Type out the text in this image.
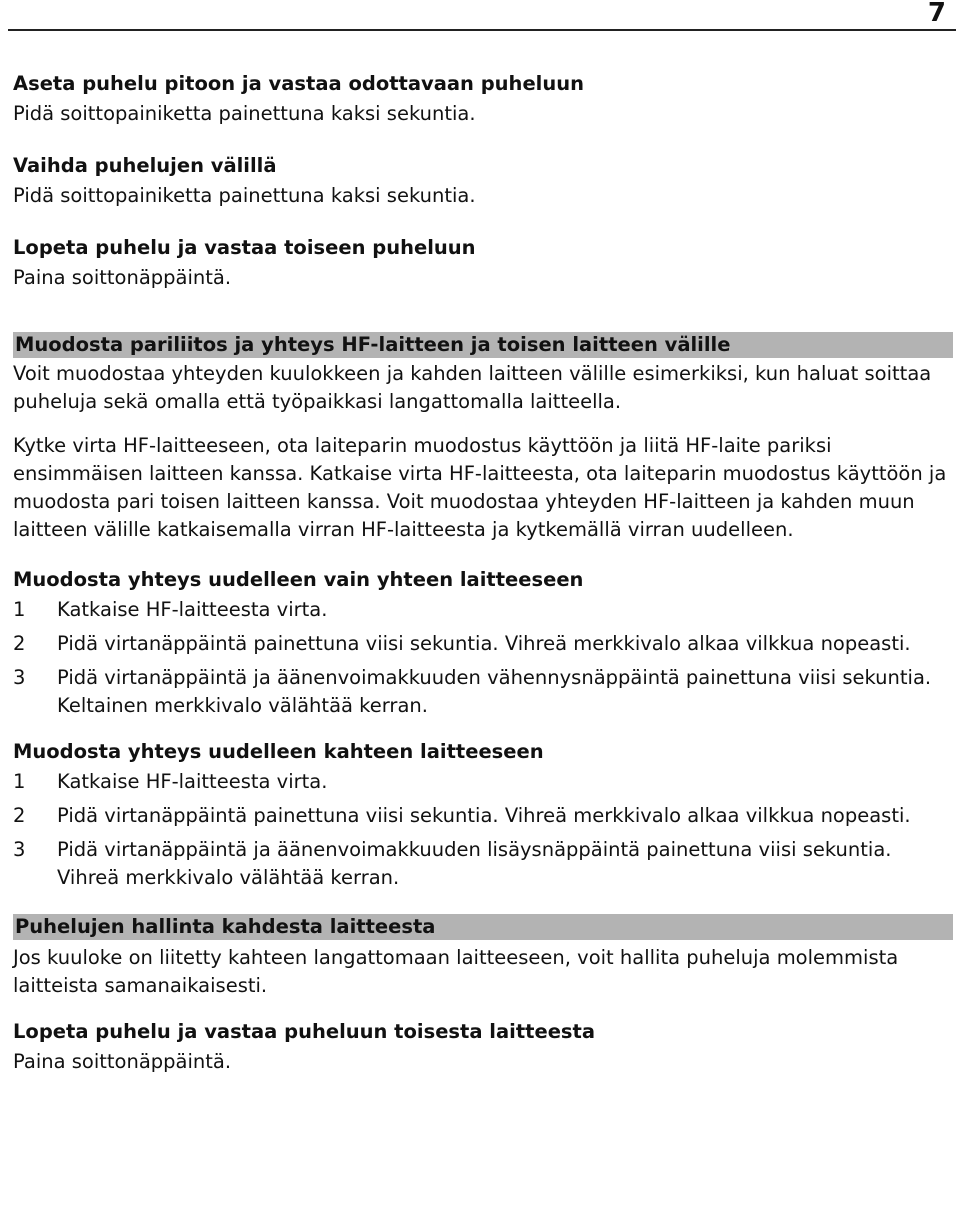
7

Aseta puhelu pitoon ja vastaa odottavaan puheluun

Pidä soittopainiketta painettuna kaksi sekuntia.

Vaihda puhelujen välillä

Pidä soittopainiketta painettuna kaksi sekuntia.

Lopeta puhelu ja vastaa toiseen puheluun

Paina soittonäppäintä.

Muodosta pariliitos ja yhteys HF-laitteen ja toisen laitteen välille

Voit muodostaa yhteyden kuulokkeen ja kahden laitteen välille esimerkiksi, kun haluat soittaa puheluja sekä omalla että työpaikkasi langattomalla laitteella.

Kytke virta HF-laitteeseen, ota laiteparin muodostus käyttöön ja liitä HF-laite pariksi ensimmäisen laitteen kanssa. Katkaise virta HF-laitteesta, ota laiteparin muodostus käyttöön ja muodosta pari toisen laitteen kanssa. Voit muodostaa yhteyden HF-laitteen ja kahden muun laitteen välille katkaisemalla virran HF-laitteesta ja kytkemällä virran uudelleen.

Muodosta yhteys uudelleen vain yhteen laitteeseen

1	Katkaise HF-laitteesta virta.
2	Pidä virtanäppäintä painettuna viisi sekuntia. Vihreä merkkivalo alkaa vilkkua nopeasti.
3	Pidä virtanäppäintä ja äänenvoimakkuuden vähennysnäppäintä painettuna viisi sekuntia. Keltainen merkkivalo välähtää kerran.

Muodosta yhteys uudelleen kahteen laitteeseen

1	Katkaise HF-laitteesta virta.
2	Pidä virtanäppäintä painettuna viisi sekuntia. Vihreä merkkivalo alkaa vilkkua nopeasti.
3	Pidä virtanäppäintä ja äänenvoimakkuuden lisäysnäppäintä painettuna viisi sekuntia. Vihreä merkkivalo välähtää kerran.

Puhelujen hallinta kahdesta laitteesta

Jos kuuloke on liitetty kahteen langattomaan laitteeseen, voit hallita puheluja molemmista laitteista samanaikaisesti.

Lopeta puhelu ja vastaa puheluun toisesta laitteesta

Paina soittonäppäintä.
